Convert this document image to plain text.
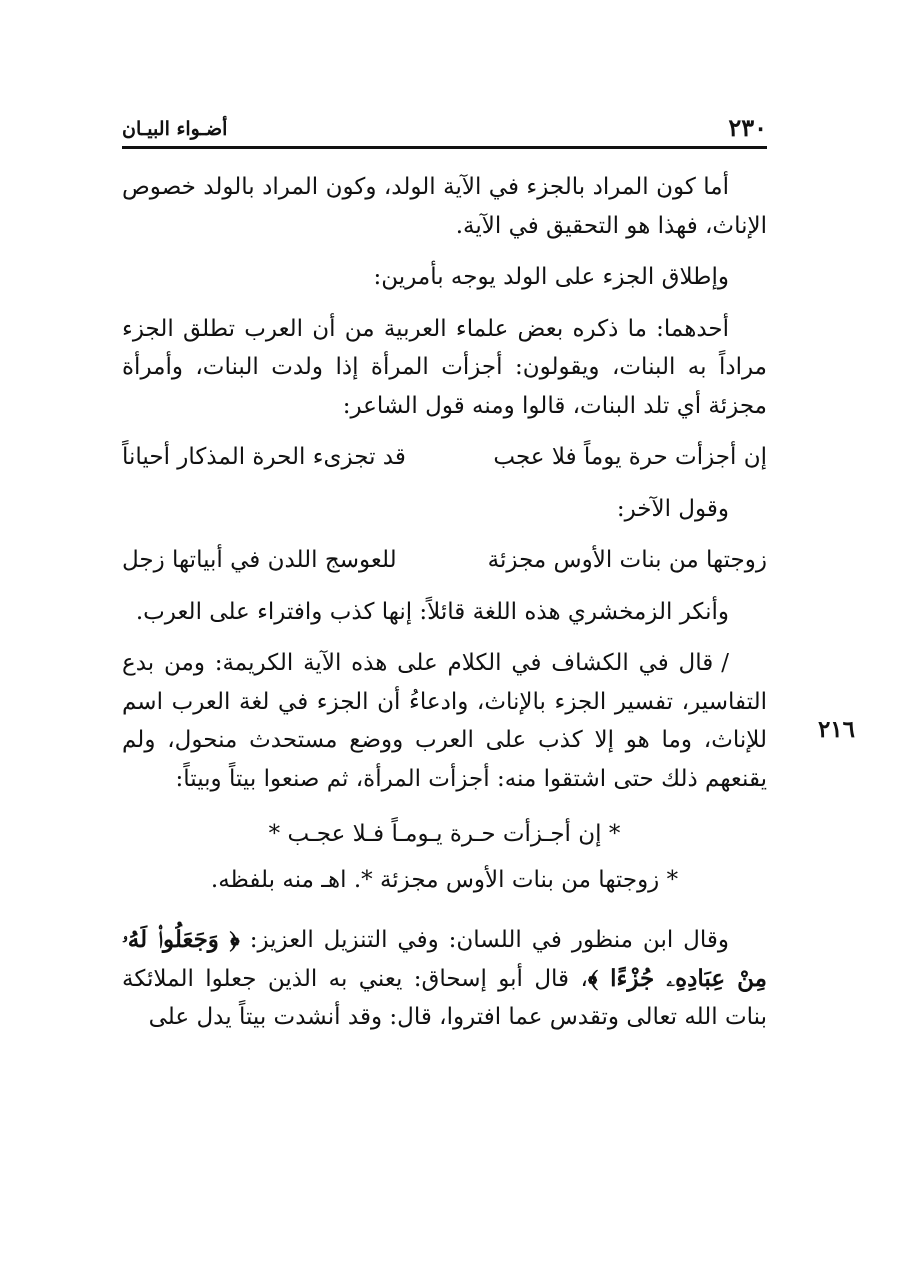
٢٣٠
أضـواء البيـان
٢١٦

أما كون المراد بالجزء في الآية الولد، وكون المراد بالولد خصوص الإناث، فهذا هو التحقيق في الآية.

وإطلاق الجزء على الولد يوجه بأمرين:

أحدهما: ما ذكره بعض علماء العربية من أن العرب تطلق الجزء مراداً به البنات، ويقولون: أجزأت المرأة إذا ولدت البنات، وأمرأة مجزئة أي تلد البنات، قالوا ومنه قول الشاعر:

إن أجزأت حرة يوماً فلا عجب
قد تجزىء الحرة المذكار أحياناً

وقول الآخر:

زوجتها من بنات الأوس مجزئة
للعوسج اللدن في أبياتها زجل

وأنكر الزمخشري هذه اللغة قائلاً: إنها كذب وافتراء على العرب.

/قال في الكشاف في الكلام على هذه الآية الكريمة: ومن بدع التفاسير، تفسير الجزء بالإناث، وادعاءُ أن الجزء في لغة العرب اسم للإناث، وما هو إلا كذب على العرب ووضع مستحدث منحول، ولم يقنعهم ذلك حتى اشتقوا منه: أجزأت المرأة، ثم صنعوا بيتاً وبيتاً:

* إن أجـزأت حـرة يـومـاً فـلا عجـب *

* زوجتها من بنات الأوس مجزئة *. اهـ منه بلفظه.

وقال ابن منظور في اللسان: وفي التنزيل العزيز: ﴿ وَجَعَلُوا۟ لَهُۥ مِنْ عِبَادِهِۦ جُزْءًا ﴾، قال أبو إسحاق: يعني به الذين جعلوا الملائكة بنات الله تعالى وتقدس عما افتروا، قال: وقد أنشدت بيتاً يدل على
